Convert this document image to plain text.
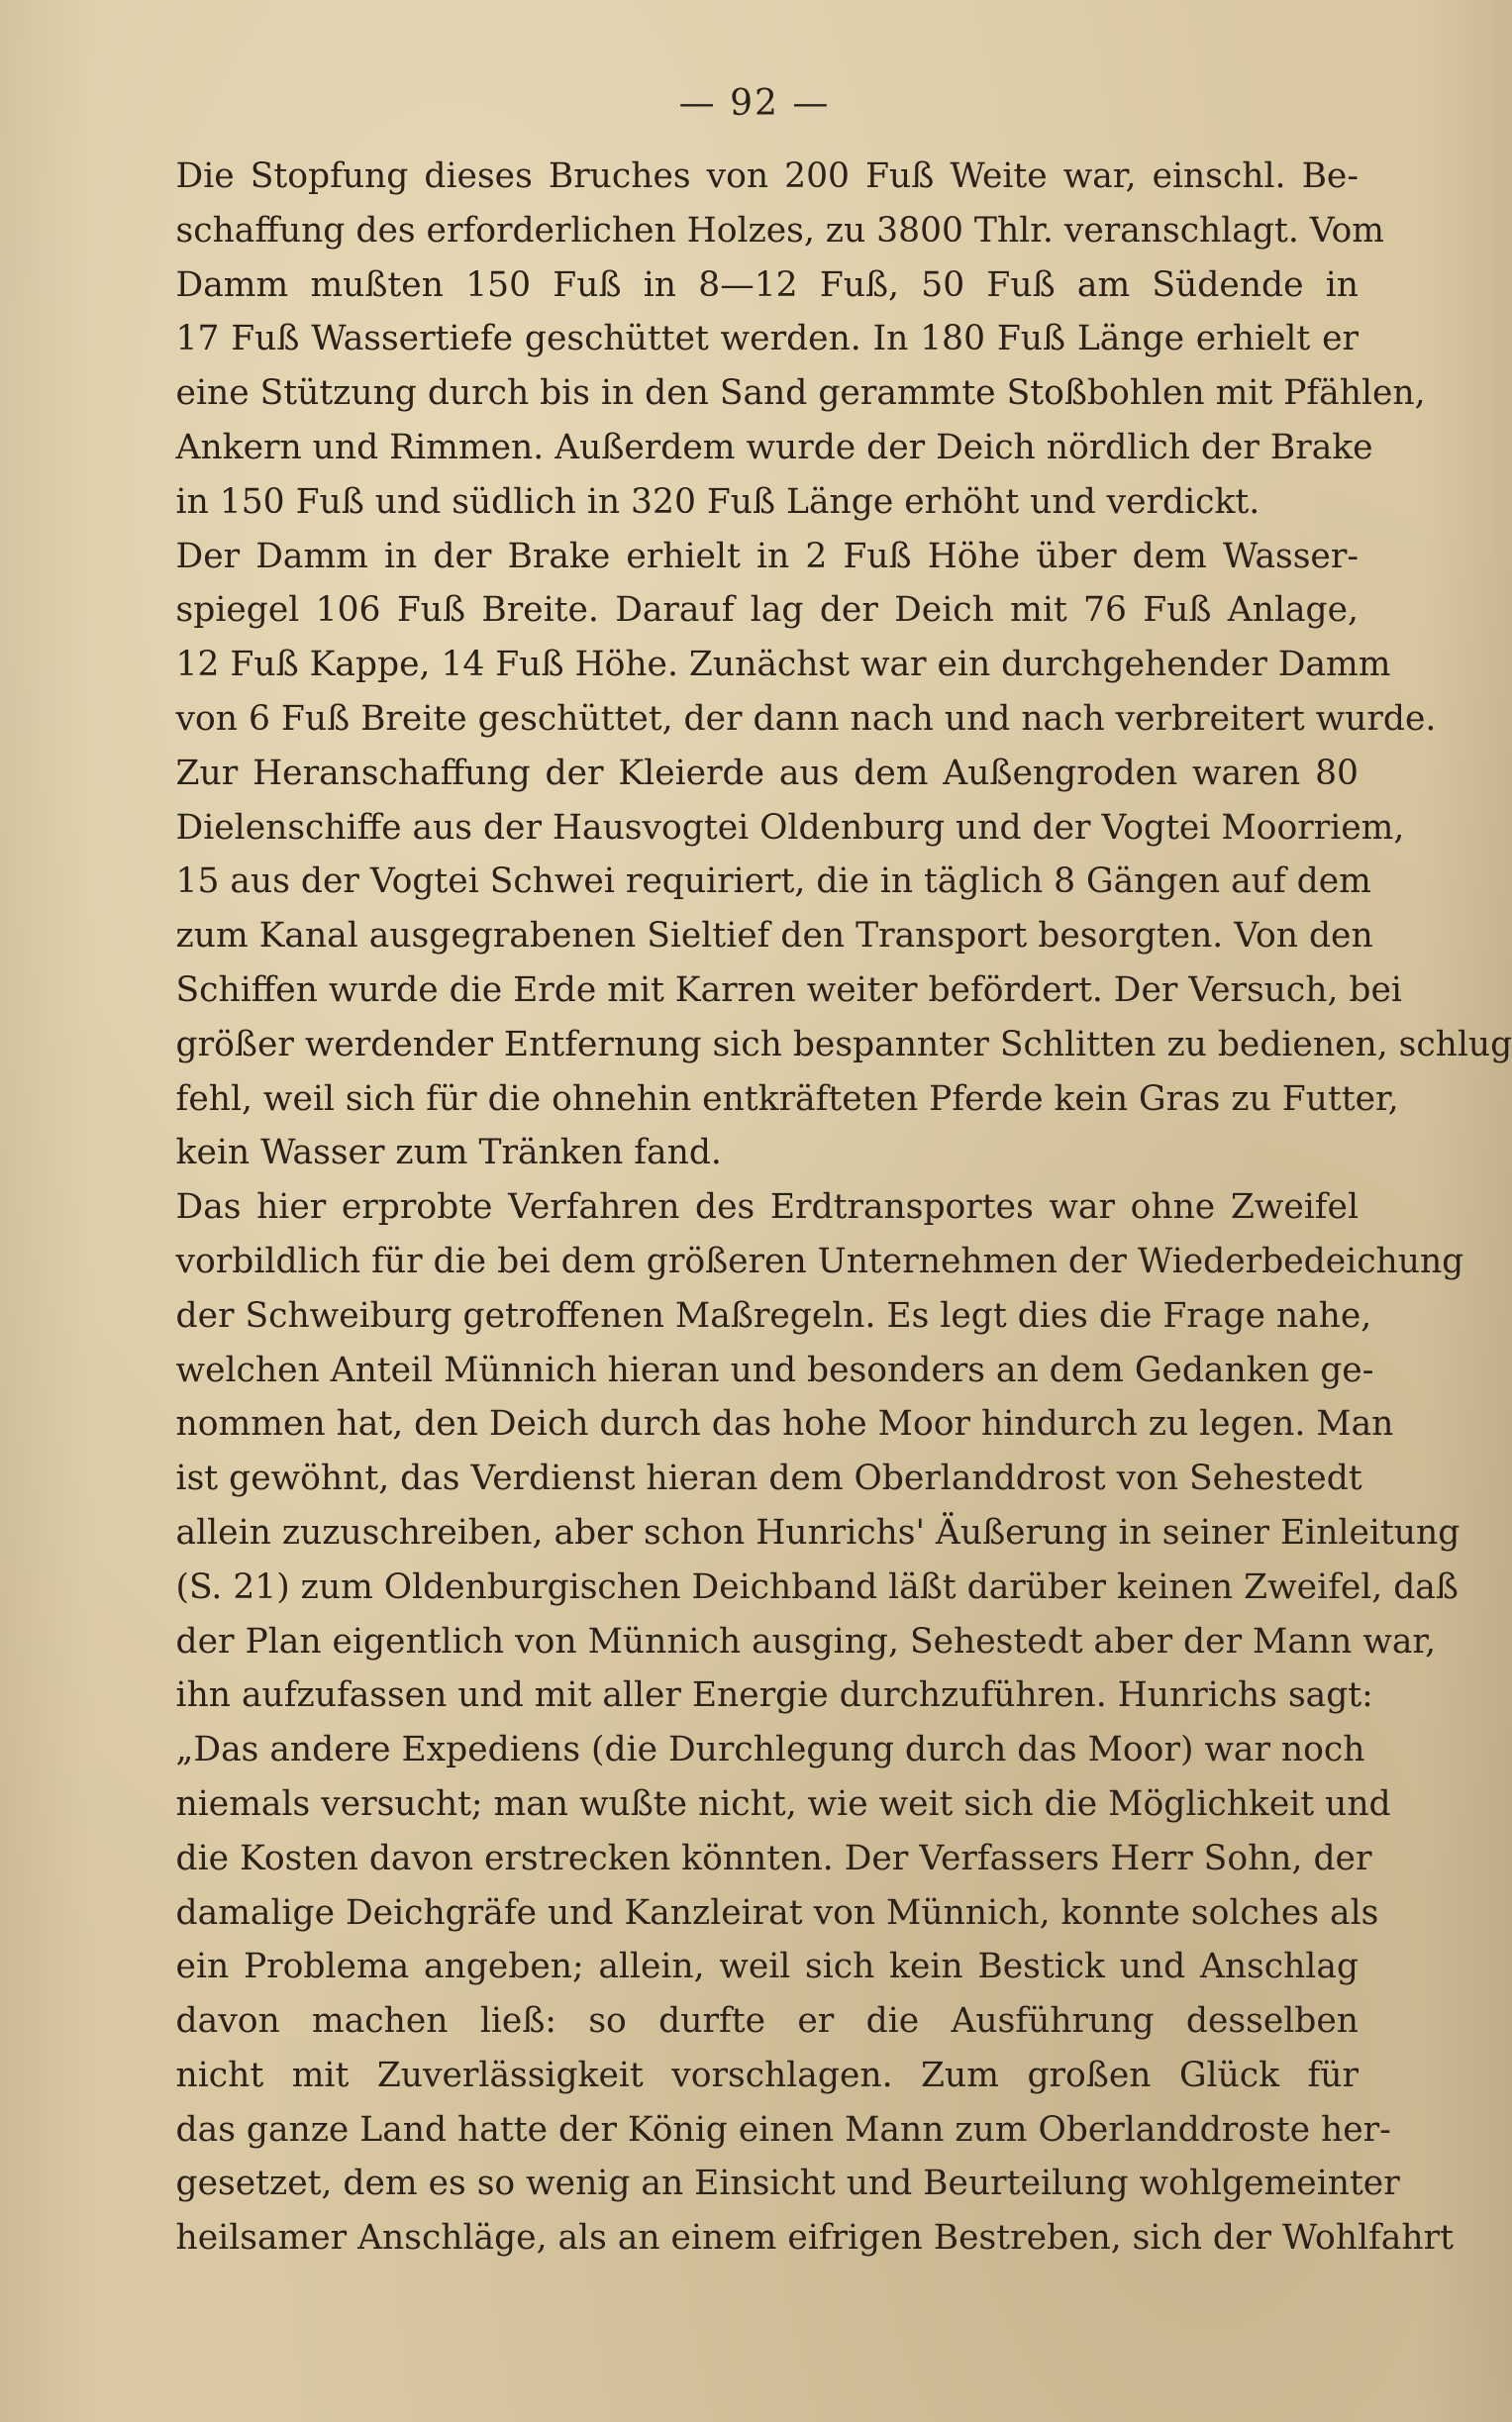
— 92 —
Die Stopfung dieses Bruches von 200 Fuß Weite war, einschl. Be-
schaffung des erforderlichen Holzes, zu 3800 Thlr. veranschlagt. Vom
Damm mußten 150 Fuß in 8—12 Fuß, 50 Fuß am Südende in
17 Fuß Wassertiefe geschüttet werden. In 180 Fuß Länge erhielt er
eine Stützung durch bis in den Sand gerammte Stoßbohlen mit Pfählen,
Ankern und Rimmen. Außerdem wurde der Deich nördlich der Brake
in 150 Fuß und südlich in 320 Fuß Länge erhöht und verdickt.
Der Damm in der Brake erhielt in 2 Fuß Höhe über dem Wasser-
spiegel 106 Fuß Breite. Darauf lag der Deich mit 76 Fuß Anlage,
12 Fuß Kappe, 14 Fuß Höhe. Zunächst war ein durchgehender Damm
von 6 Fuß Breite geschüttet, der dann nach und nach verbreitert wurde.
Zur Heranschaffung der Kleierde aus dem Außengroden waren 80
Dielenschiffe aus der Hausvogtei Oldenburg und der Vogtei Moorriem,
15 aus der Vogtei Schwei requiriert, die in täglich 8 Gängen auf dem
zum Kanal ausgegrabenen Sieltief den Transport besorgten. Von den
Schiffen wurde die Erde mit Karren weiter befördert. Der Versuch, bei
größer werdender Entfernung sich bespannter Schlitten zu bedienen, schlug
fehl, weil sich für die ohnehin entkräfteten Pferde kein Gras zu Futter,
kein Wasser zum Tränken fand.
Das hier erprobte Verfahren des Erdtransportes war ohne Zweifel
vorbildlich für die bei dem größeren Unternehmen der Wiederbedeichung
der Schweiburg getroffenen Maßregeln. Es legt dies die Frage nahe,
welchen Anteil Münnich hieran und besonders an dem Gedanken ge-
nommen hat, den Deich durch das hohe Moor hindurch zu legen. Man
ist gewöhnt, das Verdienst hieran dem Oberlanddrost von Sehestedt
allein zuzuschreiben, aber schon Hunrichs' Äußerung in seiner Einleitung
(S. 21) zum Oldenburgischen Deichband läßt darüber keinen Zweifel, daß
der Plan eigentlich von Münnich ausging, Sehestedt aber der Mann war,
ihn aufzufassen und mit aller Energie durchzuführen. Hunrichs sagt:
„Das andere Expediens (die Durchlegung durch das Moor) war noch
niemals versucht; man wußte nicht, wie weit sich die Möglichkeit und
die Kosten davon erstrecken könnten. Der Verfassers Herr Sohn, der
damalige Deichgräfe und Kanzleirat von Münnich, konnte solches als
ein Problema angeben; allein, weil sich kein Bestick und Anschlag
davon machen ließ: so durfte er die Ausführung desselben
nicht mit Zuverlässigkeit vorschlagen. Zum großen Glück für
das ganze Land hatte der König einen Mann zum Oberlanddroste her-
gesetzet, dem es so wenig an Einsicht und Beurteilung wohlgemeinter
heilsamer Anschläge, als an einem eifrigen Bestreben, sich der Wohlfahrt
